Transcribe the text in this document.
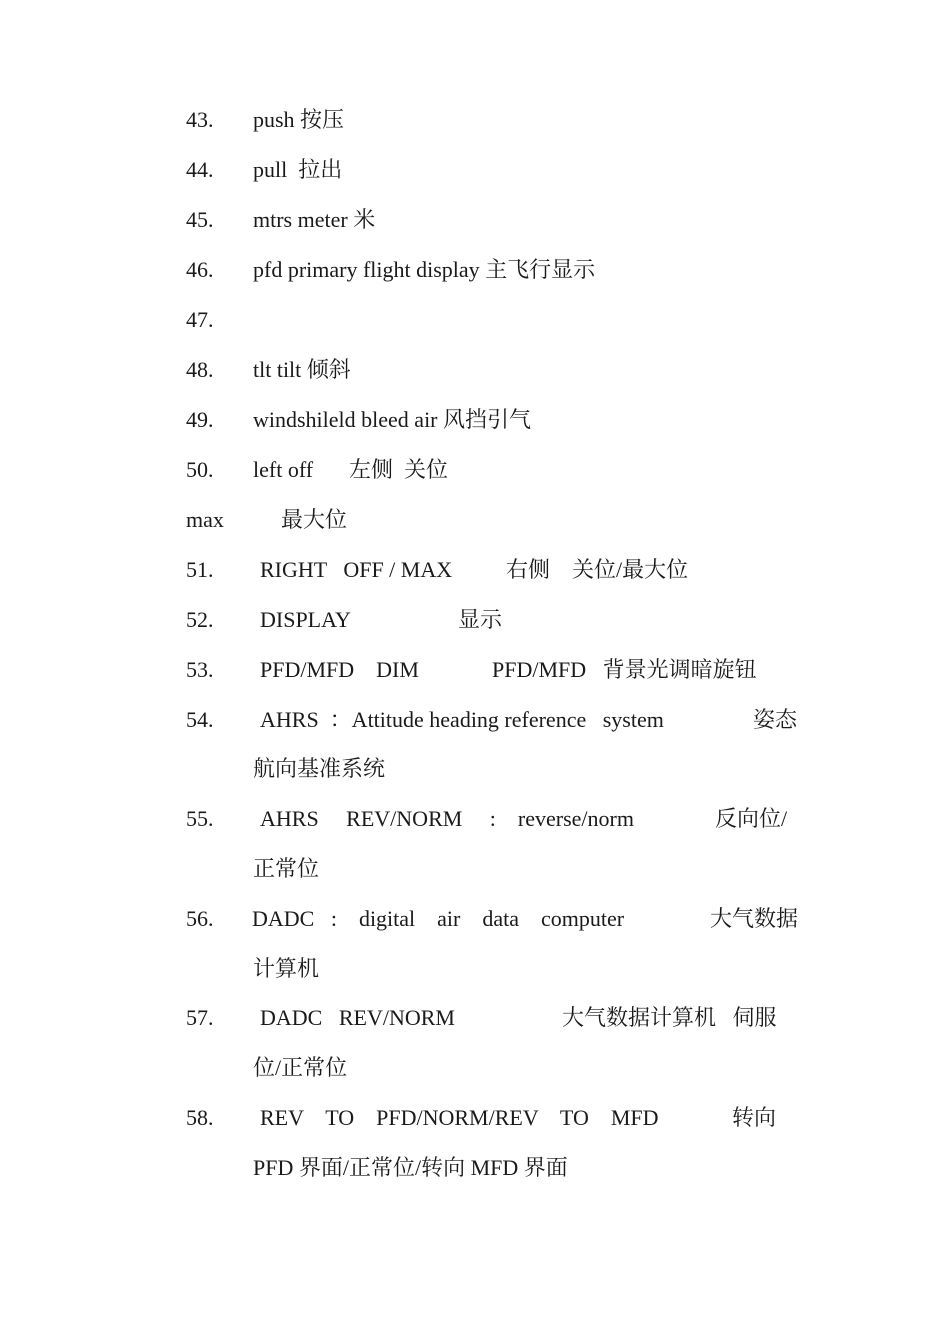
43. push 按压
44. pull  拉出
45. mtrs meter 米
46. pfd primary flight display 主飞行显示
47.
48. tlt tilt 倾斜
49. windshileld bleed air 风挡引气
50. left off 左侧  关位
max	最大位
51. RIGHT   OFF / MAX 右侧    关位/最大位
52. DISPLAY	显示
53. PFD/MFD    DIM	PFD/MFD   背景光调暗旋钮
54. AHRS  ：Attitude heading reference   system	姿态
航向基准系统
55. AHRS     REV/NORM     :    reverse/norm	反向位/
正常位
56. DADC   :    digital    air    data    computer	大气数据
计算机
57. DADC   REV/NORM	大气数据计算机   伺服
位/正常位
58. REV    TO    PFD/NORM/REV    TO    MFD	转向
PFD 界面/正常位/转向 MFD 界面
